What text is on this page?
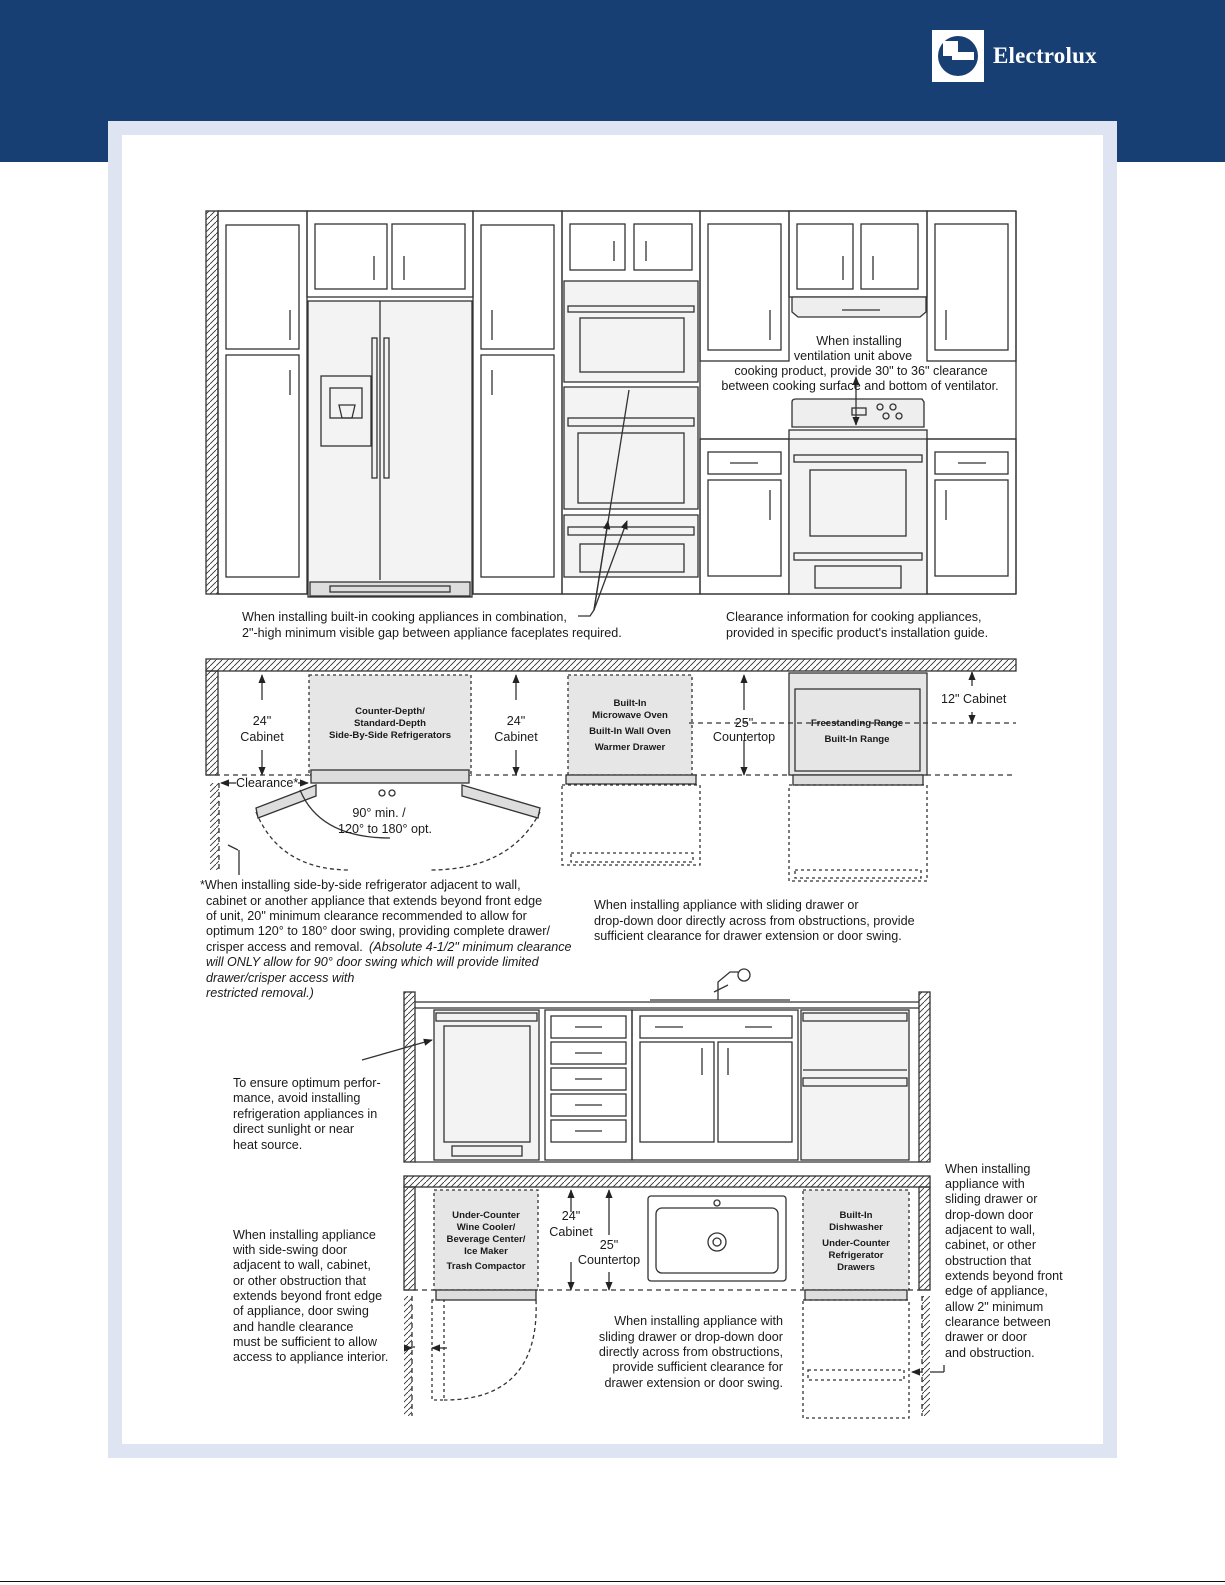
Electrolux
When installing
ventilation unit above
cooking product, provide 30" to 36" clearance
between cooking surface and bottom of ventilator.
When installing built-in cooking appliances in combination,
2"-high minimum visible gap between appliance faceplates required.
Clearance information for cooking appliances,
provided in specific product's installation guide.
Counter-Depth/
Standard-Depth
Side-By-Side Refrigerators
24"
Cabinet
24"
Cabinet
Built-In
Microwave Oven
Built-In Wall Oven
Warmer Drawer
25"
Countertop
Freestanding Range
Built-In Range
12" Cabinet
Clearance*
90° min. /
120° to 180° opt.
*When installing side-by-side refrigerator adjacent to wall,
cabinet or another appliance that extends beyond front edge
of unit, 20" minimum clearance recommended to allow for
optimum 120° to 180° door swing, providing complete drawer/
crisper access and removal. (Absolute 4-1/2" minimum clearance
will ONLY allow for 90° door swing which will provide limited
drawer/crisper access with
restricted removal.)
When installing appliance with sliding drawer or
drop-down door directly across from obstructions, provide
sufficient clearance for drawer extension or door swing.
To ensure optimum perfor-
mance, avoid installing
refrigeration appliances in
direct sunlight or near
heat source.
Under-Counter
Wine Cooler/
Beverage Center/
Ice Maker
Trash Compactor
24"
Cabinet
25"
Countertop
Built-In
Dishwasher
Under-Counter
Refrigerator
Drawers
When installing appliance
with side-swing door
adjacent to wall, cabinet,
or other obstruction that
extends beyond front edge
of appliance, door swing
and handle clearance
must be sufficient to allow
access to appliance interior.
When installing appliance with
sliding drawer or drop-down door
directly across from obstructions,
provide sufficient clearance for
drawer extension or door swing.
When installing
appliance with
sliding drawer or
drop-down door
adjacent to wall,
cabinet, or other
obstruction that
extends beyond front
edge of appliance,
allow 2" minimum
clearance between
drawer or door
and obstruction.
